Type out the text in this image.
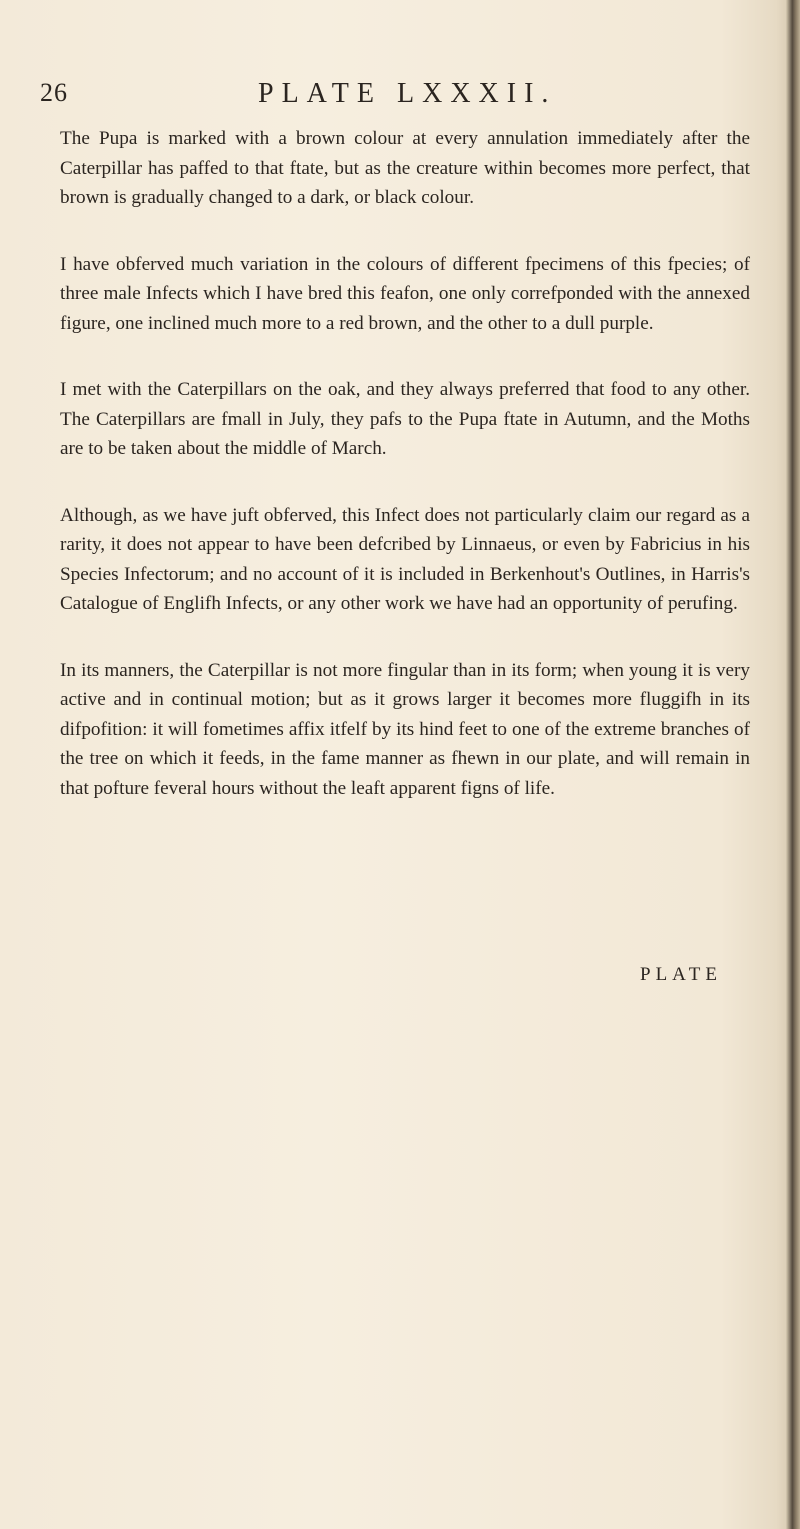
26	PLATE LXXXII.

The Pupa is marked with a brown colour at every annulation immediately after the Caterpillar has paffed to that ftate, but as the creature within becomes more perfect, that brown is gradually changed to a dark, or black colour.

I have obferved much variation in the colours of different fpecimens of this fpecies; of three male Infects which I have bred this feafon, one only correfponded with the annexed figure, one inclined much more to a red brown, and the other to a dull purple.

I met with the Caterpillars on the oak, and they always preferred that food to any other. The Caterpillars are fmall in July, they pafs to the Pupa ftate in Autumn, and the Moths are to be taken about the middle of March.

Although, as we have juft obferved, this Infect does not particularly claim our regard as a rarity, it does not appear to have been defcribed by Linnaeus, or even by Fabricius in his Species Infectorum; and no account of it is included in Berkenhout's Outlines, in Harris's Catalogue of Englifh Infects, or any other work we have had an opportunity of perufing.

In its manners, the Caterpillar is not more fingular than in its form; when young it is very active and in continual motion; but as it grows larger it becomes more fluggifh in its difpofition: it will fometimes affix itfelf by its hind feet to one of the extreme branches of the tree on which it feeds, in the fame manner as fhewn in our plate, and will remain in that pofture feveral hours without the leaft apparent figns of life.

PLATE
